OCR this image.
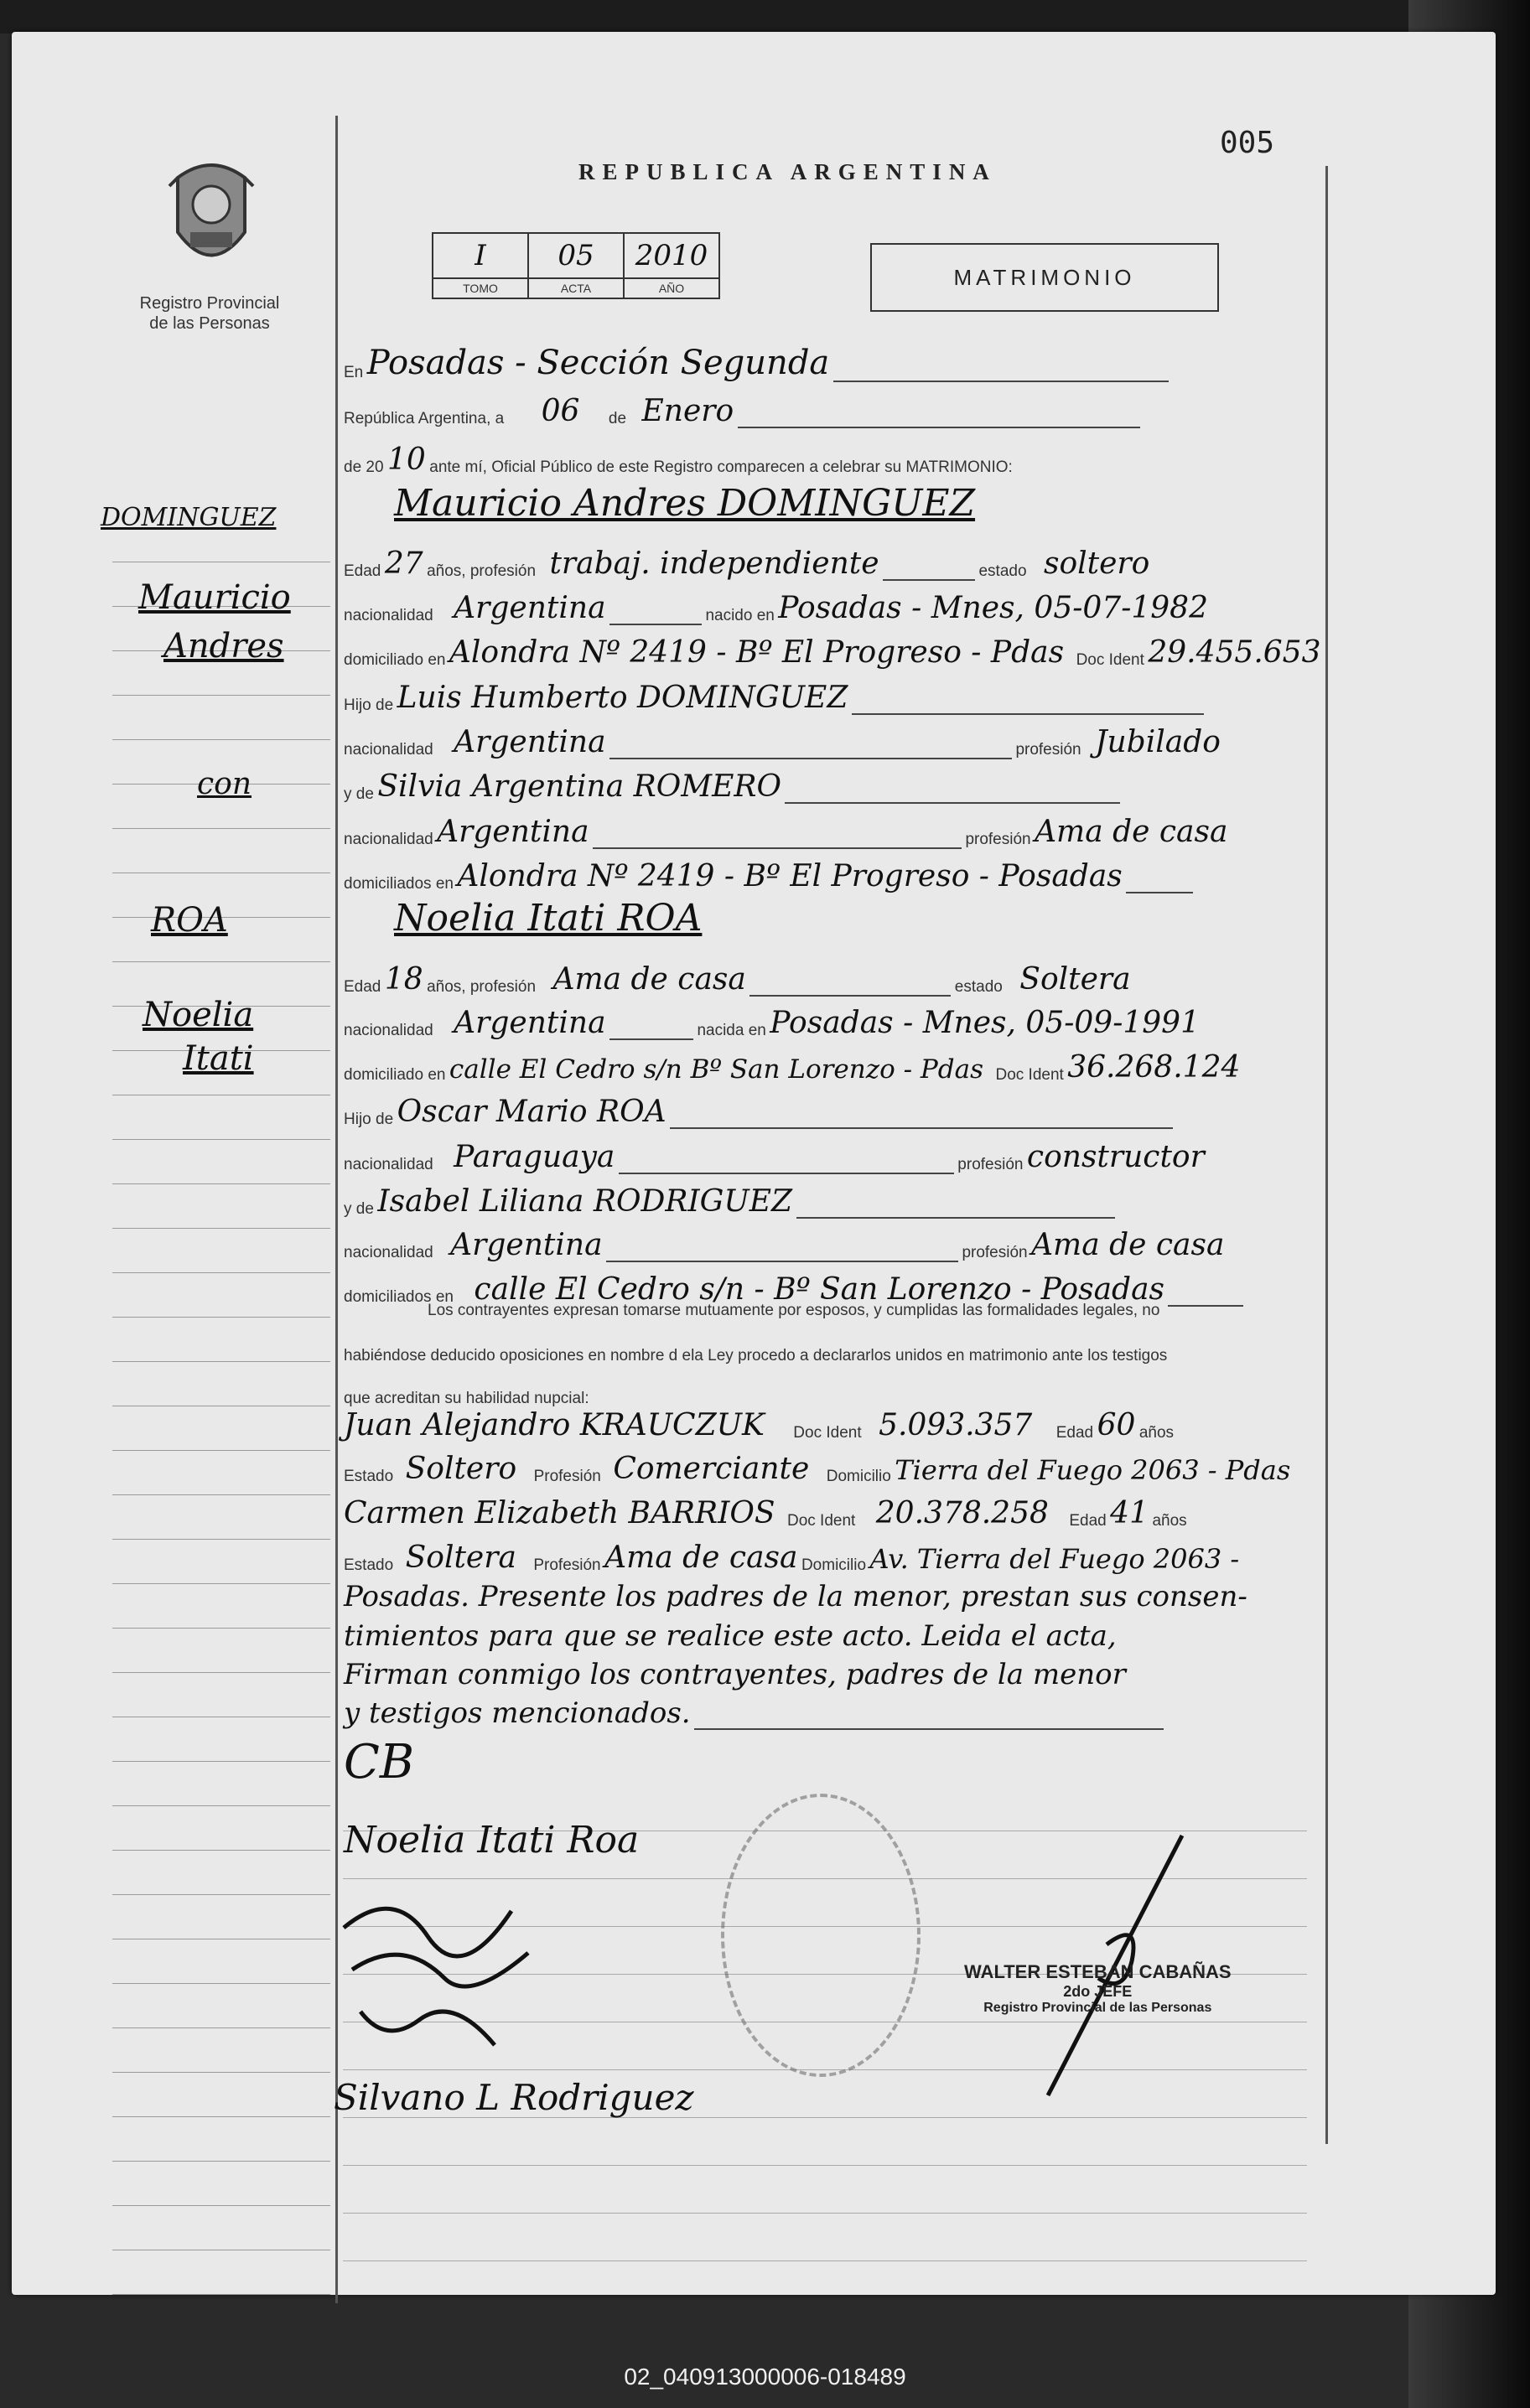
Registro Provincial
de las Personas
REPUBLICA ARGENTINA
005
I	05	2010
TOMO	ACTA	AÑO	MATRIMONIO
En Posadas - Sección Segunda
República Argentina, a 06 de Enero
de 20 10 ante mí, Oficial Público de este Registro comparecen a celebrar su MATRIMONIO:
Mauricio Andres DOMINGUEZ
Edad 27 años, profesión trabaj. independiente	estado soltero
nacionalidad Argentina	nacido en Posadas - Mnes, 05-07-1982
domiciliado en Alondra Nº 2419 - Bº El Progreso - Pdas Doc Ident 29.455.653
Hijo de Luis Humberto DOMINGUEZ
nacionalidad Argentina	profesión Jubilado
y de Silvia Argentina ROMERO
nacionalidad Argentina	profesión Ama de casa
domiciliados en Alondra Nº 2419 - Bº El Progreso - Posadas
Noelia Itati ROA
Edad 18 años, profesión Ama de casa	estado Soltera
nacionalidad Argentina	nacida en Posadas - Mnes, 05-09-1991
domiciliado en calle El Cedro s/n Bº San Lorenzo - Pdas Doc Ident 36.268.124
Hijo de Oscar Mario ROA
nacionalidad Paraguaya	profesión constructor
y de Isabel Liliana RODRIGUEZ
nacionalidad Argentina	profesión Ama de casa
domiciliados en calle El Cedro s/n - Bº San Lorenzo - Posadas
Los contrayentes expresan tomarse mutuamente por esposos, y cumplidas las formalidades legales, no
habiéndose deducido oposiciones en nombre d ela Ley procedo a declararlos unidos en matrimonio ante los testigos
que acreditan su habilidad nupcial:
Juan Alejandro KRAUCZUK Doc Ident 5.093.357 Edad 60 años
Estado Soltero Profesión Comerciante Domicilio Tierra del Fuego 2063 - Pdas
Carmen Elizabeth BARRIOS Doc Ident 20.378.258 Edad 41 años
Estado Soltera Profesión Ama de casa Domicilio Av. Tierra del Fuego 2063 -
Posadas. Presente los padres de la menor, prestan sus consen-
timientos para que se realice este acto. Leida el acta,
Firman conmigo los contrayentes, padres de la menor
y testigos mencionados.
DOMINGUEZ
Mauricio
Andres
con
ROA
Noelia
Itati
CB
Noelia Itati Roa
Silvano L Rodriguez
WALTER ESTEBAN CABAÑAS
2do JEFE
Registro Provincial de las Personas
02_040913000006-018489
